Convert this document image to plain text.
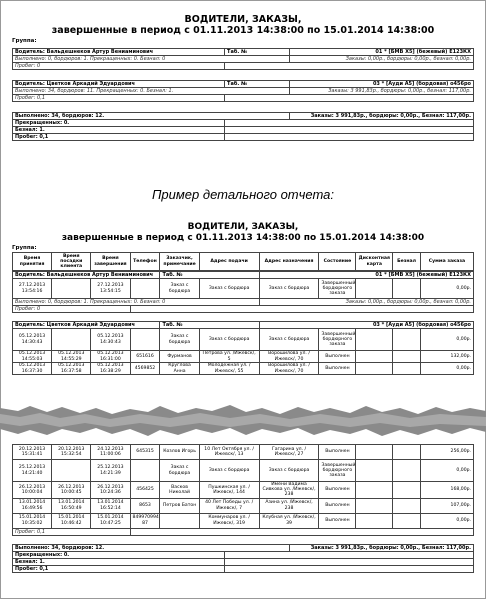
ВОДИТЕЛИ, ЗАКАЗЫ,
завершенные в период с 01.11.2013 14:38:00 по 15.01.2014 14:38:00
Группа:
Водитель: Вальдешнеков Артур Вениаминович	Таб. №	01 * [БМВ X5] (бежевый) Е123КХ
Выполнено: 0, бордюров: 1. Прекращенных: 0. Безнал: 0		Заказы: 0,00р., бордюры: 0,00р., безнал: 0,00р.
Пробег: 0		
Водитель: Цветков Аркадий Эдуардович	Таб. №	03 * [Ауди А5] (бордовая) о456ро
Выполнено: 34, бордюров: 11. Прекращенных: 0. Безнал: 1.		Заказы: 3 991,83р., бордюры: 0,00р., безнал: 117,00р.
Пробег: 0,1		
Выполнено: 34, бордюров: 12.		Заказы: 3 991,83р., бордюры: 0,00р., Безнал: 117,00р.
Прекращенных: 0.		
Безнал: 1.		
Пробег: 0,1		
Пример детального отчета:
ВОДИТЕЛИ, ЗАКАЗЫ,
завершенные в период с 01.11.2013 14:38:00 по 15.01.2014 14:38:00
Группа:
Время принятия	Время посадки клиента	Время завершения	Телефон	Заказчик, примечание	Адрес подачи	Адрес назначения	Состояние	Дисконтная карта	Безнал	Сумма заказа
Водитель: Вальдешнеков Артур Вениаминович				Таб. №		01 * [БМВ X5] (бежевый) Е123КХ				
27.12.2013 13:54:16		27.12.2013 13:54:15		Заказ с бордюра	Заказ с бордюра	Заказ с бордюра	Завершенный бордюрного заказа			0,00р.
Выполнено: 0, бордюров: 1. Прекращенных: 0. Безнал: 0						Заказы: 0,00р., бордюры: 0,00р., безнал: 0,00р.				
Пробег: 0										
Водитель: Цветков Аркадий Эдуардович				Таб. №		03 * [Ауди А5] (бордовая) о456ро				
05.12.2013 14:30:43		05.12.2013 14:30:43		Заказ с бордюра	Заказ с бордюра	Заказ с бордюра	Завершенный бордюрного заказа			0,00р.
05.12.2013 14:55:03	05.12.2013 14:55:29	05.12.2013 16:31:00	651616	Фурманов	Петрова ул. /Ижевск/, 5	Ворошилова ул. /Ижевск/, 70	Выполнен			132,00р.
05.12.2013 16:37:30	05.12.2013 16:37:58	05.12.2013 16:38:29	4569852	Круглова Анна	Молодежная ул. /Ижевск/, 55	Ворошилова ул. /Ижевск/, 70	Выполнен			0,00р.
20.12.2013 15:31:41	20.12.2013 15:32:54	24.12.2013 11:00:06	645315	Козлов Игорь	10 Лет Октября ул. /Ижевск/, 13	Гагарина ул. /Ижевск/, 27	Выполнен			256,00р.
25.12.2013 14:21:40		25.12.2013 14:21:39		Заказ с бордюра	Заказ с бордюра	Заказ с бордюра	Завершенный бордюрного заказа			0,00р.
26.12.2013 10:00:04	26.12.2013 10:00:45	26.12.2013 10:24:36	456425	Васков Николай	Пушкинская ул. /Ижевск/, 144	Имени Вадима Сивкова ул. /Ижевск/, 238	Выполнен			168,00р.
13.01.2014 16:49:56	13.01.2014 16:50:49	13.01.2014 16:52:14	8653	Петров Батон	40 Лет Победы ул. /Ижевск/, 7	Азина ул. /Ижевск/, 238	Выполнен			107,00р.
15.01.2014 10:35:02	15.01.2014 10:46:42	15.01.2014 10:47:25	849970994 87		Коммунаров ул. /Ижевск/, 319	Клубная ул. /Ижевск/, 39	Выполнен			0,00р.
Пробег: 0,1										
Выполнено: 34, бордюров: 12.		Заказы: 3 991,83р., бордюры: 0,00р., Безнал: 117,00р.
Прекращенных: 0.		
Безнал: 1.		
Пробег: 0,1		
